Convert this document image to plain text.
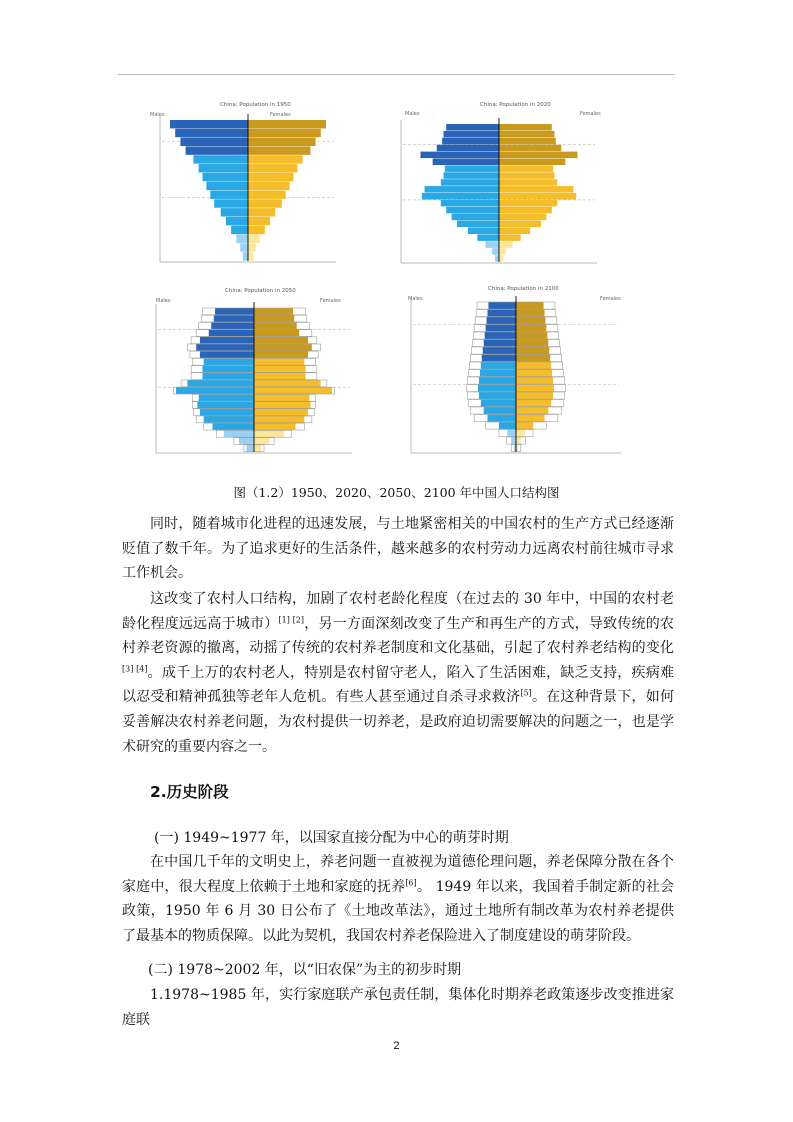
China: Population in 1950
Males	Females
China: Population in 2020
Males	Females
China: Population in 2050
Males	Females
China: Population in 2100
Males	Females
图（1.2）1950、2020、2050、2100 年中国人口结构图

同时，随着城市化进程的迅速发展，与土地紧密相关的中国农村的生产方式已经逐渐贬值了数千年。为了追求更好的生活条件，越来越多的农村劳动力远离农村前往城市寻求工作机会。

这改变了农村人口结构，加剧了农村老龄化程度（在过去的 30 年中，中国的农村老龄化程度远远高于城市）[1] [2]，另一方面深刻改变了生产和再生产的方式，导致传统的农村养老资源的撤离，动摇了传统的农村养老制度和文化基础，引起了农村养老结构的变化[3] [4]。成千上万的农村老人，特别是农村留守老人，陷入了生活困难，缺乏支持，疾病难以忍受和精神孤独等老年人危机。有些人甚至通过自杀寻求救济[5]。在这种背景下，如何妥善解决农村养老问题，为农村提供一切养老，是政府迫切需要解决的问题之一，也是学术研究的重要内容之一。

2.历史阶段

(一) 1949~1977 年，以国家直接分配为中心的萌芽时期

在中国几千年的文明史上，养老问题一直被视为道德伦理问题，养老保障分散在各个家庭中，很大程度上依赖于土地和家庭的抚养[6]。 1949 年以来，我国着手制定新的社会政策，1950 年 6 月 30 日公布了《土地改革法》，通过土地所有制改革为农村养老提供了最基本的物质保障。以此为契机，我国农村养老保险进入了制度建设的萌芽阶段。

(二) 1978~2002 年，以“旧农保”为主的初步时期

1.1978~1985 年，实行家庭联产承包责任制，集体化时期养老政策逐步改变推进家庭联

2
